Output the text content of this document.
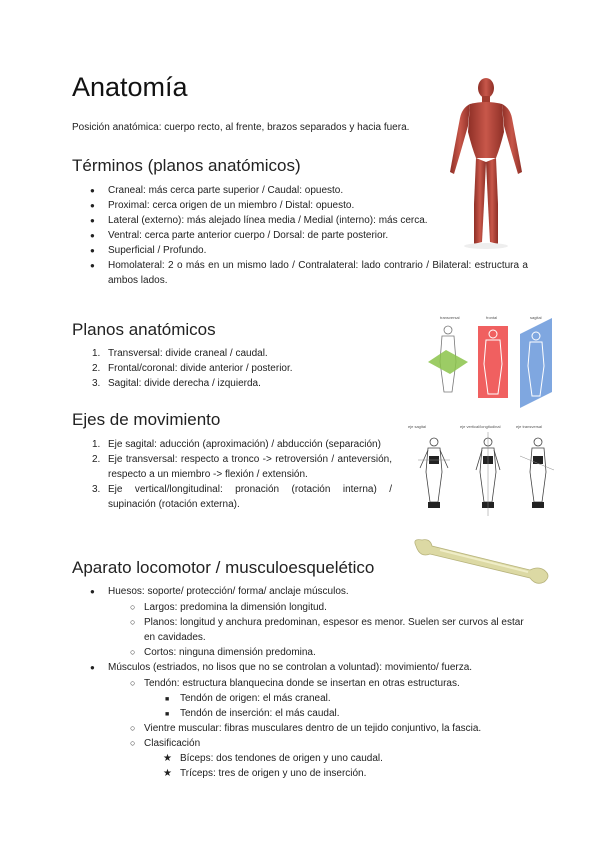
Anatomía

Posición anatómica: cuerpo recto, al frente, brazos separados y hacia fuera.

Términos (planos anatómicos)
● Craneal: más cerca parte superior / Caudal: opuesto.
● Proximal: cerca origen de un miembro / Distal: opuesto.
● Lateral (externo): más alejado línea media / Medial (interno): más cerca.
● Ventral: cerca parte anterior cuerpo / Dorsal: de parte posterior.
● Superficial / Profundo.
● Homolateral: 2 o más en un mismo lado / Contralateral: lado contrario / Bilateral: estructura a ambos lados.
Planos anatómicos
1. Transversal: divide craneal / caudal.
2. Frontal/coronal: divide anterior / posterior.
3. Sagital: divide derecha / izquierda.
transversal	frontal	sagital
Ejes de movimiento
1. Eje sagital: aducción (aproximación) / abducción (separación)
2. Eje transversal: respecto a tronco -> retroversión / anteversión, respecto a un miembro -> flexión / extensión.
3. Eje vertical/longitudinal: pronación (rotación interna) / supinación (rotación externa).
eje sagital	eje vertical/longitudinal	eje transversal
Aparato locomotor / musculoesquelético
● Huesos: soporte/ protección/ forma/ anclaje músculos.
○ Largos: predomina la dimensión longitud.
○ Planos: longitud y anchura predominan, espesor es menor. Suelen ser curvos al estar en cavidades.
○ Cortos: ninguna dimensión predomina.
● Músculos (estriados, no lisos que no se controlan a voluntad): movimiento/ fuerza.
○ Tendón: estructura blanquecina donde se insertan en otras estructuras.
■ Tendón de origen: el más craneal.
■ Tendón de inserción: el más caudal.
○ Vientre muscular: fibras musculares dentro de un tejido conjuntivo, la fascia.
○ Clasificación
★ Bíceps: dos tendones de origen y uno caudal.
★ Tríceps: tres de origen y uno de inserción.
